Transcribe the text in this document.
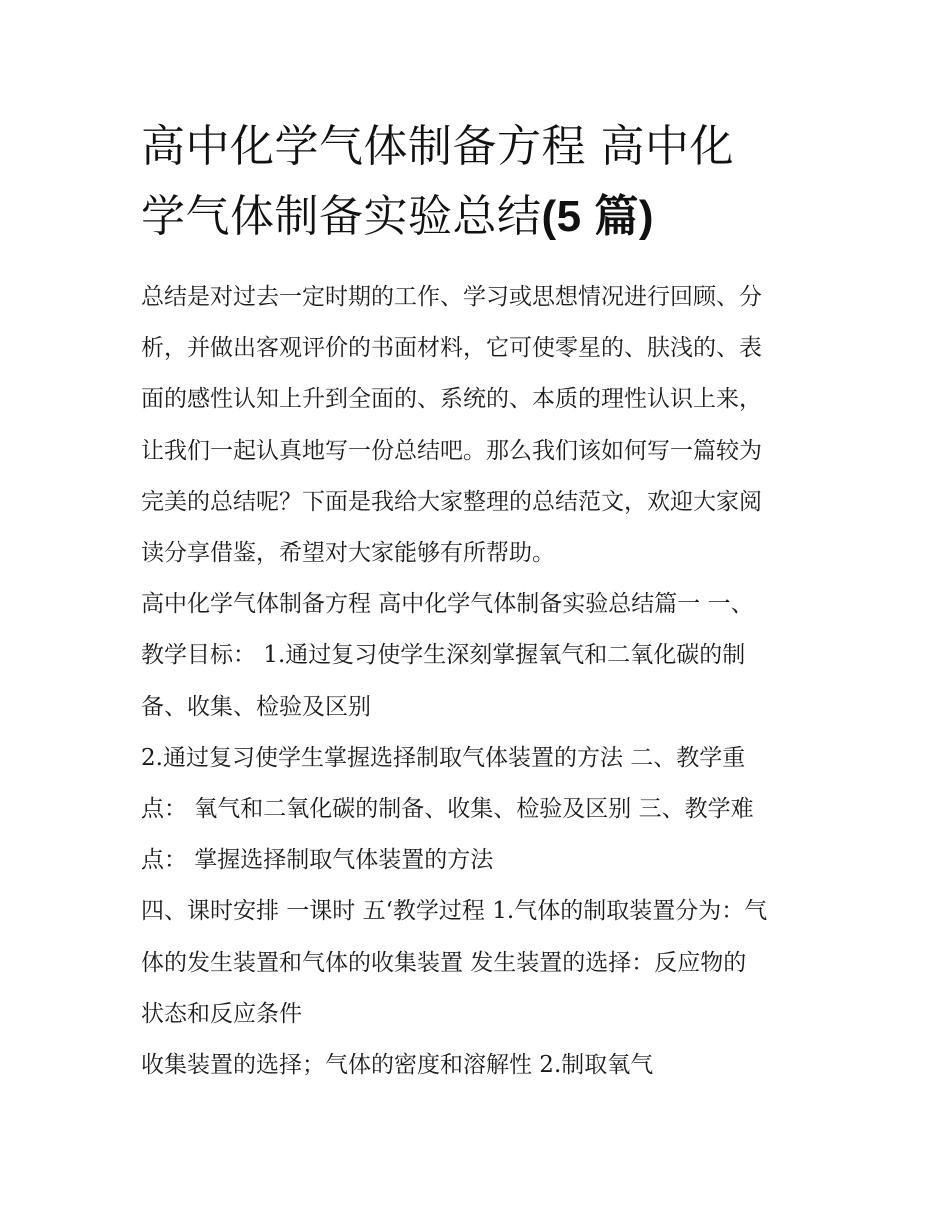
高中化学气体制备方程 高中化
学气体制备实验总结(5 篇)
总结是对过去一定时期的工作、学习或思想情况进行回顾、分
析，并做出客观评价的书面材料，它可使零星的、肤浅的、表
面的感性认知上升到全面的、系统的、本质的理性认识上来，
让我们一起认真地写一份总结吧。那么我们该如何写一篇较为
完美的总结呢？下面是我给大家整理的总结范文，欢迎大家阅
读分享借鉴，希望对大家能够有所帮助。
高中化学气体制备方程 高中化学气体制备实验总结篇一 一、
教学目标： 1.通过复习使学生深刻掌握氧气和二氧化碳的制
备、收集、检验及区别
2.通过复习使学生掌握选择制取气体装置的方法 二、教学重
点： 氧气和二氧化碳的制备、收集、检验及区别 三、教学难
点： 掌握选择制取气体装置的方法
四、课时安排 一课时 五‘教学过程 1.气体的制取装置分为：气
体的发生装置和气体的收集装置 发生装置的选择：反应物的
状态和反应条件
收集装置的选择；气体的密度和溶解性 2.制取氧气
